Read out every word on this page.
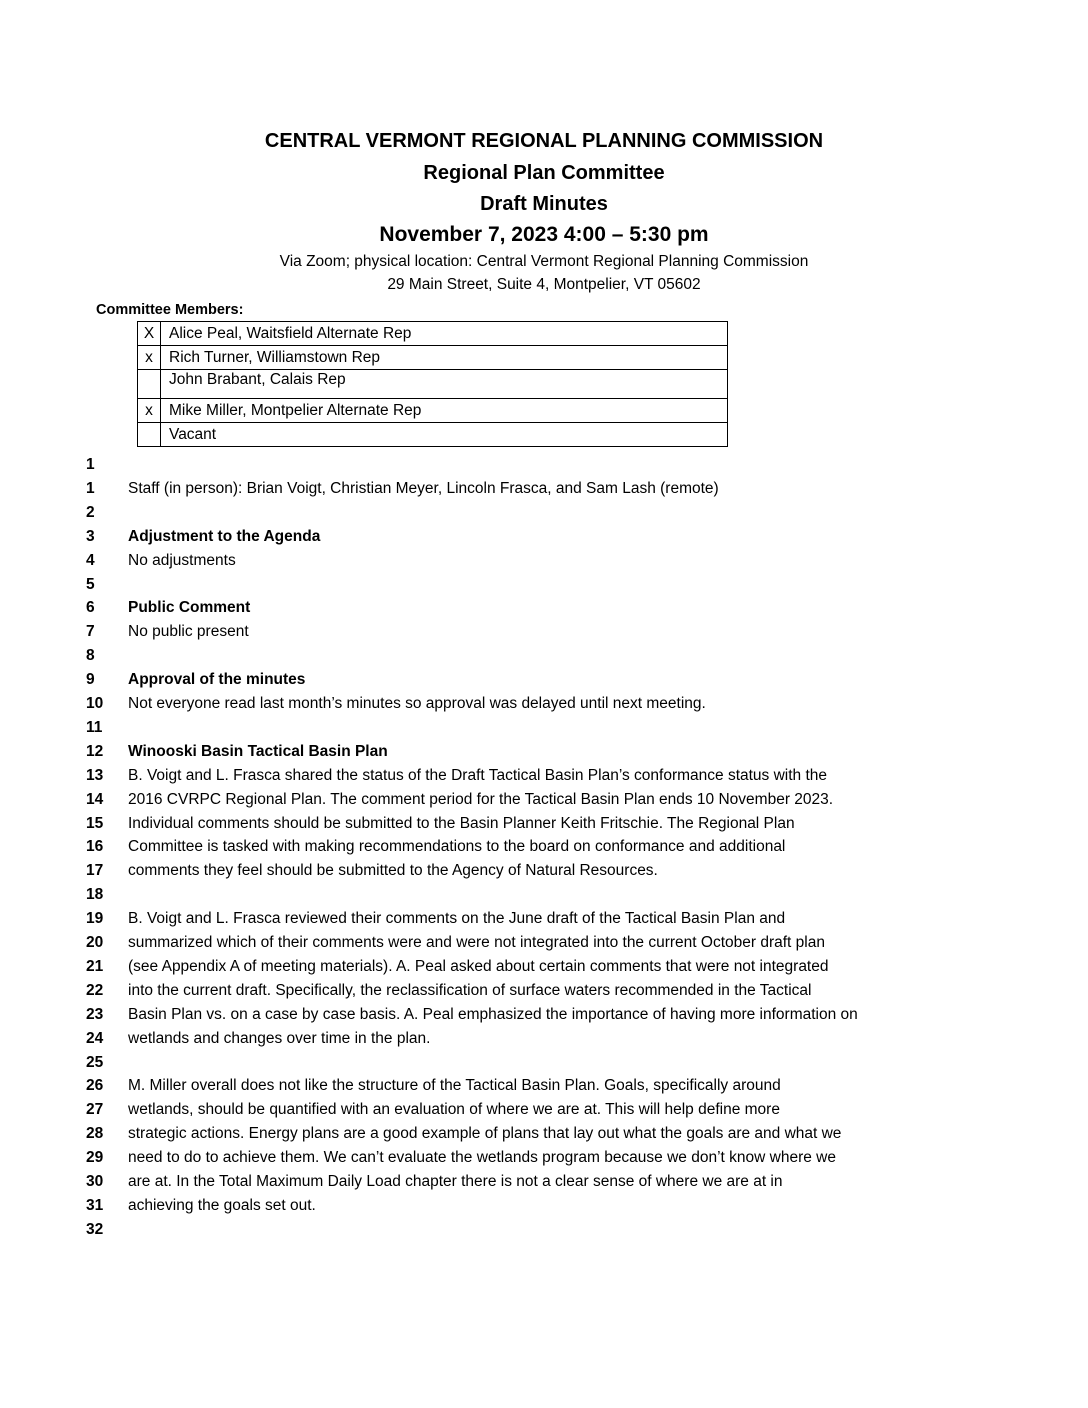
CENTRAL VERMONT REGIONAL PLANNING COMMISSION
Regional Plan Committee
Draft Minutes
November 7, 2023 4:00 – 5:30 pm
Via Zoom; physical location: Central Vermont Regional Planning Commission
29 Main Street, Suite 4, Montpelier, VT 05602
Committee Members:
X	Alice Peal, Waitsfield Alternate Rep
x	Rich Turner, Williamstown Rep
	John Brabant, Calais Rep
x	Mike Miller, Montpelier Alternate Rep
	Vacant
1
1	Staff (in person): Brian Voigt, Christian Meyer, Lincoln Frasca, and Sam Lash (remote)
2
3	Adjustment to the Agenda
4	No adjustments
5
6	Public Comment
7	No public present
8
9	Approval of the minutes
10	Not everyone read last month’s minutes so approval was delayed until next meeting.
11
12	Winooski Basin Tactical Basin Plan
13	B. Voigt and L. Frasca shared the status of the Draft Tactical Basin Plan’s conformance status with the
14	2016 CVRPC Regional Plan. The comment period for the Tactical Basin Plan ends 10 November 2023.
15	Individual comments should be submitted to the Basin Planner Keith Fritschie. The Regional Plan
16	Committee is tasked with making recommendations to the board on conformance and additional
17	comments they feel should be submitted to the Agency of Natural Resources.
18
19	B. Voigt and L. Frasca reviewed their comments on the June draft of the Tactical Basin Plan and
20	summarized which of their comments were and were not integrated into the current October draft plan
21	(see Appendix A of meeting materials). A. Peal asked about certain comments that were not integrated
22	into the current draft. Specifically, the reclassification of surface waters recommended in the Tactical
23	Basin Plan vs. on a case by case basis. A. Peal emphasized the importance of having more information on
24	wetlands and changes over time in the plan.
25
26	M. Miller overall does not like the structure of the Tactical Basin Plan. Goals, specifically around
27	wetlands, should be quantified with an evaluation of where we are at. This will help define more
28	strategic actions. Energy plans are a good example of plans that lay out what the goals are and what we
29	need to do to achieve them. We can’t evaluate the wetlands program because we don’t know where we
30	are at. In the Total Maximum Daily Load chapter there is not a clear sense of where we are at in
31	achieving the goals set out.
32
